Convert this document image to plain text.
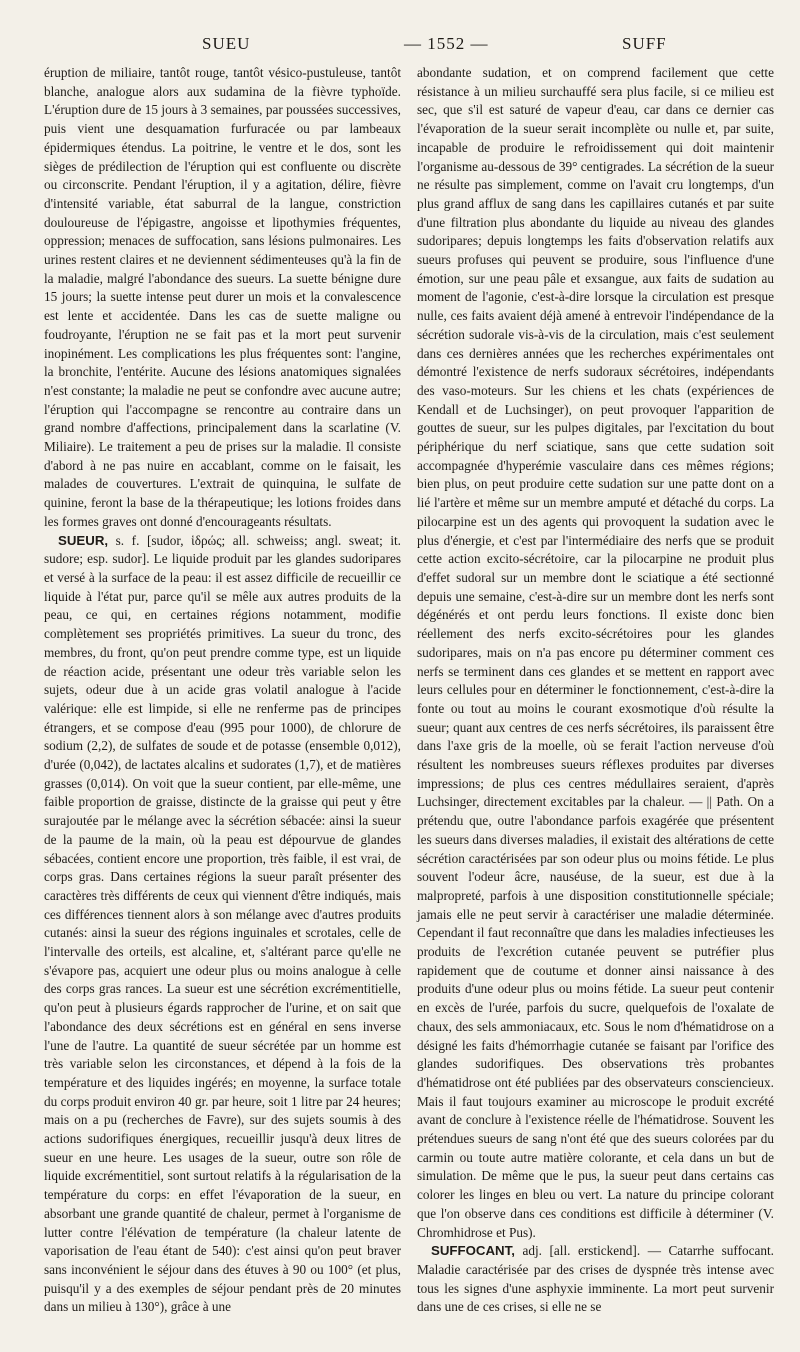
SUEU	— 1552 —	SUFF

éruption de miliaire, tantôt rouge, tantôt vésico-pustuleuse, tantôt blanche, analogue alors aux sudamina de la fièvre typhoïde. L'éruption dure de 15 jours à 3 semaines, par poussées successives, puis vient une desquamation furfuracée ou par lambeaux épidermiques étendus. La poitrine, le ventre et le dos, sont les sièges de prédilection de l'éruption qui est confluente ou discrète ou circonscrite. Pendant l'éruption, il y a agitation, délire, fièvre d'intensité variable, état saburral de la langue, constriction douloureuse de l'épigastre, angoisse et lipothymies fréquentes, oppression; menaces de suffocation, sans lésions pulmonaires. Les urines restent claires et ne deviennent sédimenteuses qu'à la fin de la maladie, malgré l'abondance des sueurs. La suette bénigne dure 15 jours; la suette intense peut durer un mois et la convalescence est lente et accidentée. Dans les cas de suette maligne ou foudroyante, l'éruption ne se fait pas et la mort peut survenir inopinément. Les complications les plus fréquentes sont: l'angine, la bronchite, l'entérite. Aucune des lésions anatomiques signalées n'est constante; la maladie ne peut se confondre avec aucune autre; l'éruption qui l'accompagne se rencontre au contraire dans un grand nombre d'affections, principalement dans la scarlatine (V. Miliaire). Le traitement a peu de prises sur la maladie. Il consiste d'abord à ne pas nuire en accablant, comme on le faisait, les malades de couvertures. L'extrait de quinquina, le sulfate de quinine, feront la base de la thérapeutique; les lotions froides dans les formes graves ont donné d'encourageants résultats.

SUEUR, s. f. [sudor, ἱδρώς; all. schweiss; angl. sweat; it. sudore; esp. sudor]. Le liquide produit par les glandes sudoripares et versé à la surface de la peau: il est assez difficile de recueillir ce liquide à l'état pur, parce qu'il se mêle aux autres produits de la peau, ce qui, en certaines régions notamment, modifie complètement ses propriétés primitives. La sueur du tronc, des membres, du front, qu'on peut prendre comme type, est un liquide de réaction acide, présentant une odeur très variable selon les sujets, odeur due à un acide gras volatil analogue à l'acide valérique: elle est limpide, si elle ne renferme pas de principes étrangers, et se compose d'eau (995 pour 1000), de chlorure de sodium (2,2), de sulfates de soude et de potasse (ensemble 0,012), d'urée (0,042), de lactates alcalins et sudorates (1,7), et de matières grasses (0,014). On voit que la sueur contient, par elle-même, une faible proportion de graisse, distincte de la graisse qui peut y être surajoutée par le mélange avec la sécrétion sébacée: ainsi la sueur de la paume de la main, où la peau est dépourvue de glandes sébacées, contient encore une proportion, très faible, il est vrai, de corps gras. Dans certaines régions la sueur paraît présenter des caractères très différents de ceux qui viennent d'être indiqués, mais ces différences tiennent alors à son mélange avec d'autres produits cutanés: ainsi la sueur des régions inguinales et scrotales, celle de l'intervalle des orteils, est alcaline, et, s'altérant parce qu'elle ne s'évapore pas, acquiert une odeur plus ou moins analogue à celle des corps gras rances. La sueur est une sécrétion excrémentitielle, qu'on peut à plusieurs égards rapprocher de l'urine, et on sait que l'abondance des deux sécrétions est en général en sens inverse l'une de l'autre. La quantité de sueur sécrétée par un homme est très variable selon les circonstances, et dépend à la fois de la température et des liquides ingérés; en moyenne, la surface totale du corps produit environ 40 gr. par heure, soit 1 litre par 24 heures; mais on a pu (recherches de Favre), sur des sujets soumis à des actions sudorifiques énergiques, recueillir jusqu'à deux litres de sueur en une heure. Les usages de la sueur, outre son rôle de liquide excrémentitiel, sont surtout relatifs à la régularisation de la température du corps: en effet l'évaporation de la sueur, en absorbant une grande quantité de chaleur, permet à l'organisme de lutter contre l'élévation de température (la chaleur latente de vaporisation de l'eau étant de 540): c'est ainsi qu'on peut braver sans inconvénient le séjour dans des étuves à 90 ou 100° (et plus, puisqu'il y a des exemples de séjour pendant près de 20 minutes dans un milieu à 130°), grâce à une

abondante sudation, et on comprend facilement que cette résistance à un milieu surchauffé sera plus facile, si ce milieu est sec, que s'il est saturé de vapeur d'eau, car dans ce dernier cas l'évaporation de la sueur serait incomplète ou nulle et, par suite, incapable de produire le refroidissement qui doit maintenir l'organisme au-dessous de 39° centigrades. La sécrétion de la sueur ne résulte pas simplement, comme on l'avait cru longtemps, d'un plus grand afflux de sang dans les capillaires cutanés et par suite d'une filtration plus abondante du liquide au niveau des glandes sudoripares; depuis longtemps les faits d'observation relatifs aux sueurs profuses qui peuvent se produire, sous l'influence d'une émotion, sur une peau pâle et exsangue, aux faits de sudation au moment de l'agonie, c'est-à-dire lorsque la circulation est presque nulle, ces faits avaient déjà amené à entrevoir l'indépendance de la sécrétion sudorale vis-à-vis de la circulation, mais c'est seulement dans ces dernières années que les recherches expérimentales ont démontré l'existence de nerfs sudoraux sécrétoires, indépendants des vaso-moteurs. Sur les chiens et les chats (expériences de Kendall et de Luchsinger), on peut provoquer l'apparition de gouttes de sueur, sur les pulpes digitales, par l'excitation du bout périphérique du nerf sciatique, sans que cette sudation soit accompagnée d'hyperémie vasculaire dans ces mêmes régions; bien plus, on peut produire cette sudation sur une patte dont on a lié l'artère et même sur un membre amputé et détaché du corps. La pilocarpine est un des agents qui provoquent la sudation avec le plus d'énergie, et c'est par l'intermédiaire des nerfs que se produit cette action excito-sécrétoire, car la pilocarpine ne produit plus d'effet sudoral sur un membre dont le sciatique a été sectionné depuis une semaine, c'est-à-dire sur un membre dont les nerfs sont dégénérés et ont perdu leurs fonctions. Il existe donc bien réellement des nerfs excito-sécrétoires pour les glandes sudoripares, mais on n'a pas encore pu déterminer comment ces nerfs se terminent dans ces glandes et se mettent en rapport avec leurs cellules pour en déterminer le fonctionnement, c'est-à-dire la fonte ou tout au moins le courant exosmotique d'où résulte la sueur; quant aux centres de ces nerfs sécrétoires, ils paraissent être dans l'axe gris de la moelle, où se ferait l'action nerveuse d'où résultent les nombreuses sueurs réflexes produites par diverses impressions; de plus ces centres médullaires seraient, d'après Luchsinger, directement excitables par la chaleur. — || Path. On a prétendu que, outre l'abondance parfois exagérée que présentent les sueurs dans diverses maladies, il existait des altérations de cette sécrétion caractérisées par son odeur plus ou moins fétide. Le plus souvent l'odeur âcre, nauséuse, de la sueur, est due à la malpropreté, parfois à une disposition constitutionnelle spéciale; jamais elle ne peut servir à caractériser une maladie déterminée. Cependant il faut reconnaître que dans les maladies infectieuses les produits de l'excrétion cutanée peuvent se putréfier plus rapidement que de coutume et donner ainsi naissance à des produits d'une odeur plus ou moins fétide. La sueur peut contenir en excès de l'urée, parfois du sucre, quelquefois de l'oxalate de chaux, des sels ammoniacaux, etc. Sous le nom d'hématidrose on a désigné les faits d'hémorrhagie cutanée se faisant par l'orifice des glandes sudorifiques. Des observations très probantes d'hématidrose ont été publiées par des observateurs consciencieux. Mais il faut toujours examiner au microscope le produit excrété avant de conclure à l'existence réelle de l'hématidrose. Souvent les prétendues sueurs de sang n'ont été que des sueurs colorées par du carmin ou toute autre matière colorante, et cela dans un but de simulation. De même que le pus, la sueur peut dans certains cas colorer les linges en bleu ou vert. La nature du principe colorant que l'on observe dans ces conditions est difficile à déterminer (V. Chromhidrose et Pus).

SUFFOCANT, adj. [all. erstickend]. — Catarrhe suffocant. Maladie caractérisée par des crises de dyspnée très intense avec tous les signes d'une asphyxie imminente. La mort peut survenir dans une de ces crises, si elle ne se
